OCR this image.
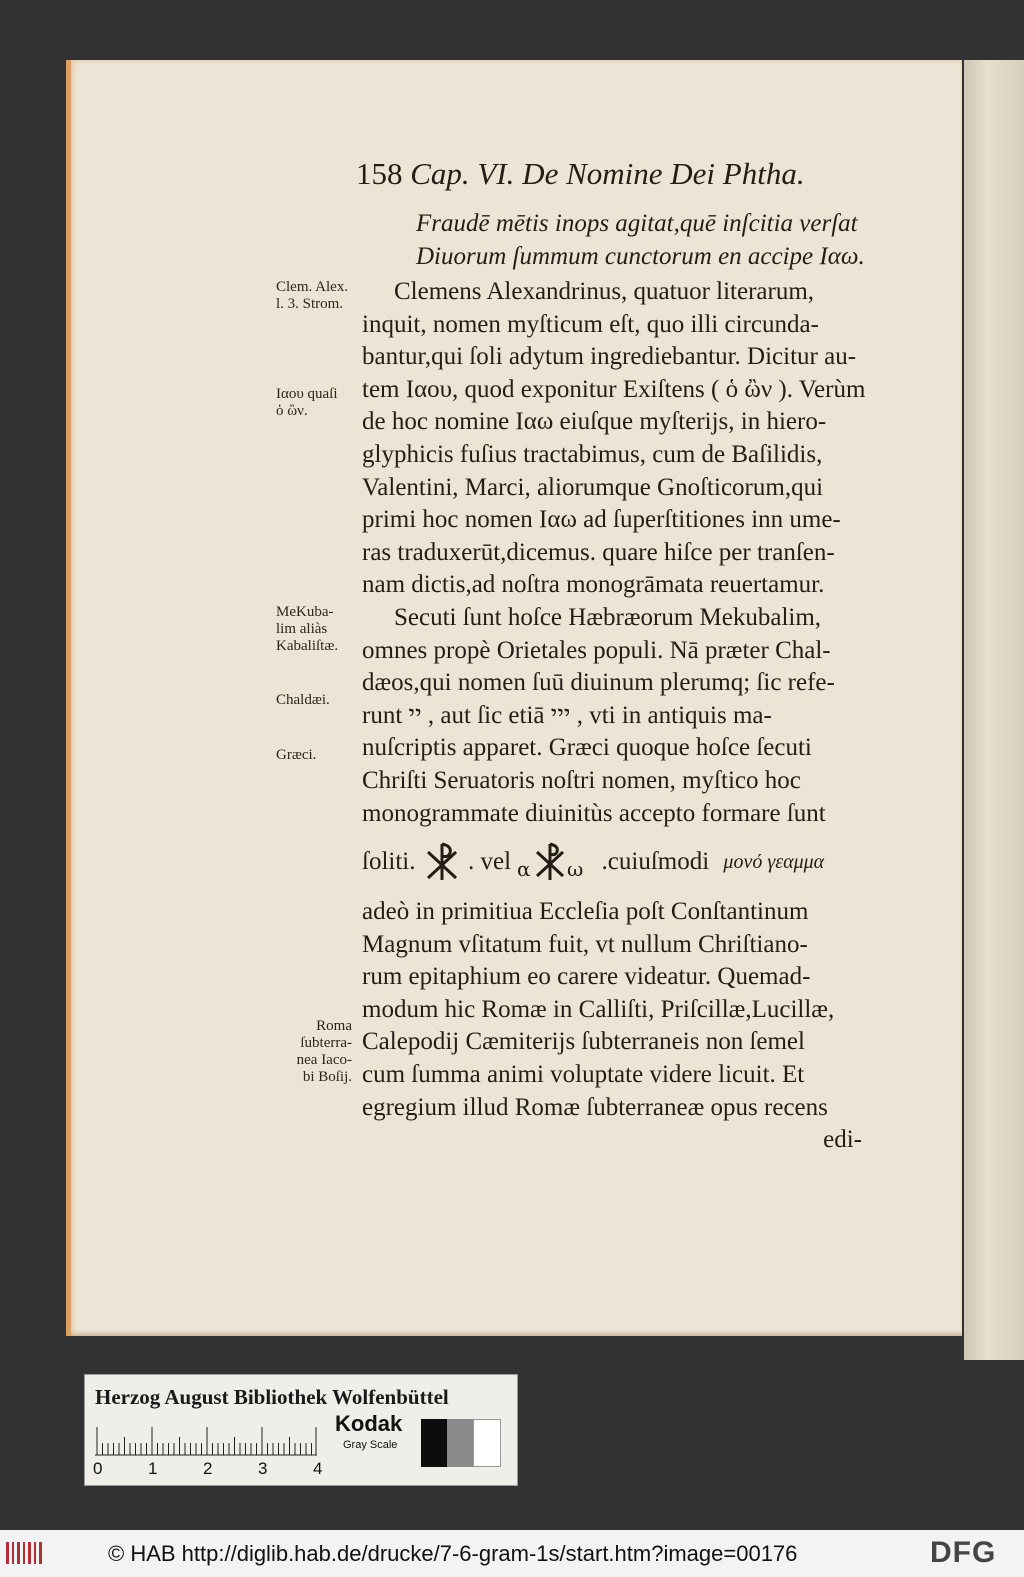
158 Cap. VI. De Nomine Dei Phtha.
Fraudē mētis inops agitat,quē inſcitia verſat
Diuorum ſummum cunctorum en accipe Ιαω.
Clemens Alexandrinus, quatuor literarum,
inquit, nomen myſticum eſt, quo illi circunda-
bantur,qui ſoli adytum ingrediebantur. Dicitur au-
tem Ιαου, quod exponitur Exiſtens ( ὁ ὢν ). Verùm
de hoc nomine Ιαω eiuſque myſterijs, in hiero-
glyphicis fuſius tractabimus, cum de Baſilidis,
Valentini, Marci, aliorumque Gnoſticorum,qui
primi hoc nomen Ιαω ad ſuperſtitiones inn ume-
ras traduxerūt,dicemus. quare hiſce per tranſen-
nam dictis,ad noſtra monogrāmata reuertamur.
Secuti ſunt hoſce Hæbræorum Mekubalim,
omnes propè Orietales populi. Nā præter Chal-
dæos,qui nomen ſuū diuinum plerumq; ſic refe-
runt יי , aut ſic etiā ייי , vti in antiquis ma-
nuſcriptis apparet. Græci quoque hoſce ſecuti
Chriſti Seruatoris noſtri nomen, myſtico hoc
monogrammate diuinitùs accepto formare ſunt
ſoliti. . vel α ω .cuiuſmodi μονό γεαμμα
adeò in primitiua Eccleſia poſt Conſtantinum
Magnum vſitatum fuit, vt nullum Chriſtiano-
rum epitaphium eo carere videatur. Quemad-
modum hic Romæ in Calliſti, Priſcillæ,Lucillæ,
Calepodij Cæmiterijs ſubterraneis non ſemel
cum ſumma animi voluptate videre licuit. Et
egregium illud Romæ ſubterraneæ opus recens
edi-
Clem. Alex.
l. 3. Strom.
Ιαου quaſi
ὁ ὢν.
MeKuba-
lim aliàs
Kabaliſtæ.
Chaldæi.
Græci.
Roma
ſubterra-
nea Iaco-
bi Boſij.
Herzog August Bibliothek Wolfenbüttel
0	1	2	3	4
Kodak
Gray Scale
© HAB http://diglib.hab.de/drucke/7-6-gram-1s/start.htm?image=00176	DFG
